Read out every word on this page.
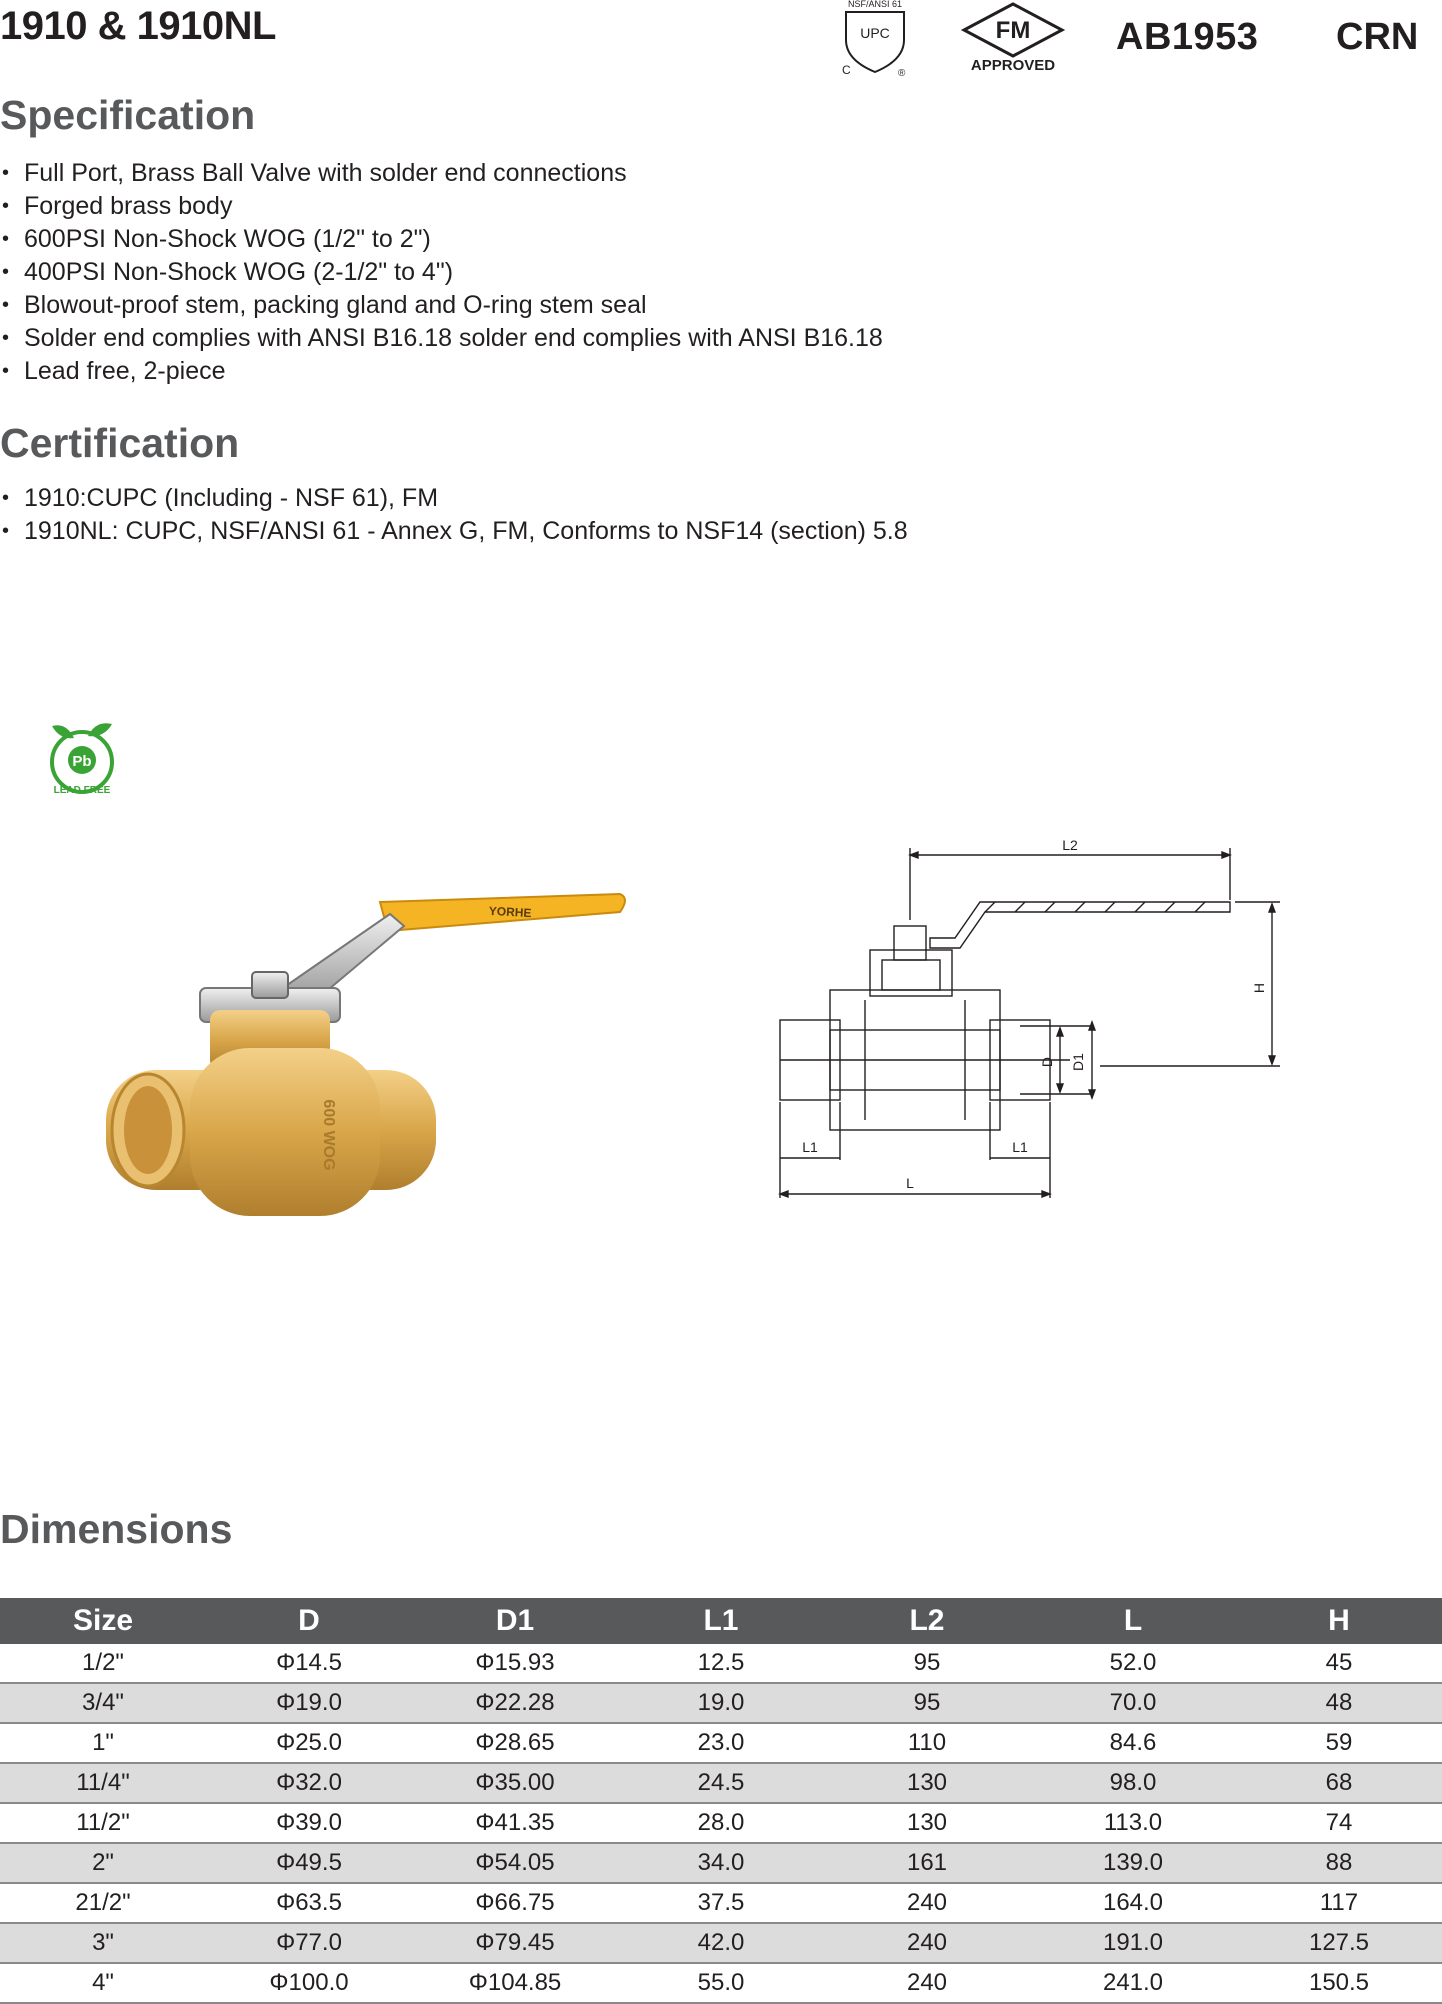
1910 & 1910NL	NSF/ANSI 61
UPC
C	®
FM
APPROVED
AB1953 CRN
Specification
• Full Port, Brass Ball Valve with solder end connections
• Forged brass body
• 600PSI Non-Shock WOG (1/2" to 2")
• 400PSI Non-Shock WOG (2-1/2" to 4")
• Blowout-proof stem, packing gland and O-ring stem seal
• Solder end complies with ANSI B16.18 solder end complies with ANSI B16.18
• Lead free, 2-piece
Certification
• 1910:CUPC (Including - NSF 61), FM
• 1910NL: CUPC, NSF/ANSI 61 - Annex G, FM, Conforms to NSF14 (section) 5.8
Pb
LEAD FREE
YORHE
600 WOG
L2
D D1
H
L1	L1
L
Dimensions
Size	D	D1	L1	L2	L	H
1/2"	Φ14.5	Φ15.93	12.5	95	52.0	45
3/4"	Φ19.0	Φ22.28	19.0	95	70.0	48
1"	Φ25.0	Φ28.65	23.0	110	84.6	59
11/4"	Φ32.0	Φ35.00	24.5	130	98.0	68
11/2"	Φ39.0	Φ41.35	28.0	130	113.0	74
2"	Φ49.5	Φ54.05	34.0	161	139.0	88
21/2"	Φ63.5	Φ66.75	37.5	240	164.0	117
3"	Φ77.0	Φ79.45	42.0	240	191.0	127.5
4"	Φ100.0	Φ104.85	55.0	240	241.0	150.5
